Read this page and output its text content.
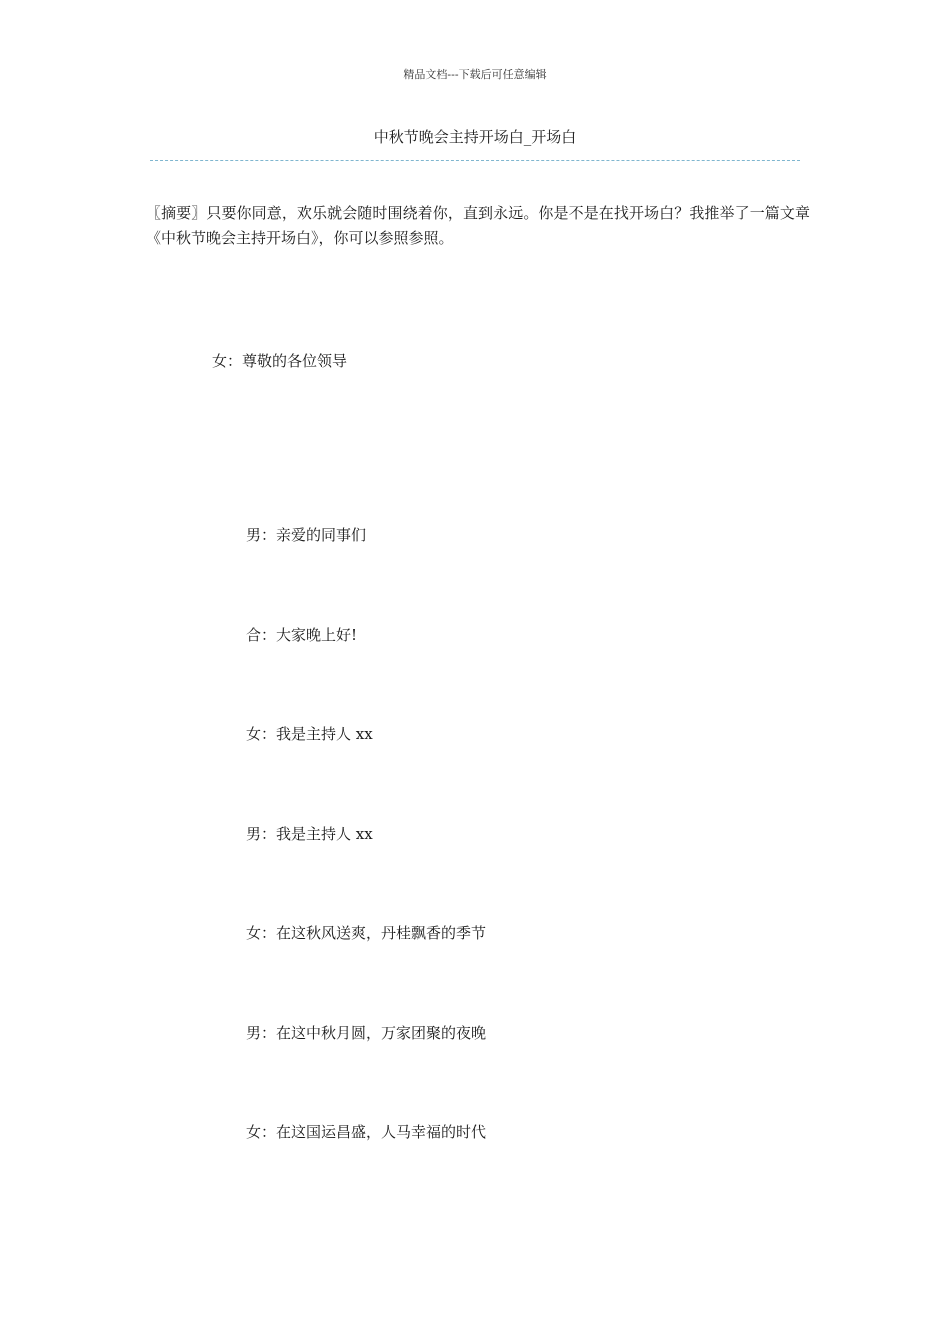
精品文档---下载后可任意编辑
中秋节晚会主持开场白_开场白
〖摘要〗只要你同意，欢乐就会随时围绕着你，直到永远。你是不是在找开场白？我推举了一篇文章《中秋节晚会主持开场白》，你可以参照参照。
女：尊敬的各位领导
男：亲爱的同事们
合：大家晚上好!
女：我是主持人 xx
男：我是主持人 xx
女：在这秋风送爽，丹桂飘香的季节
男：在这中秋月圆，万家团聚的夜晚
女：在这国运昌盛，人马幸福的时代
